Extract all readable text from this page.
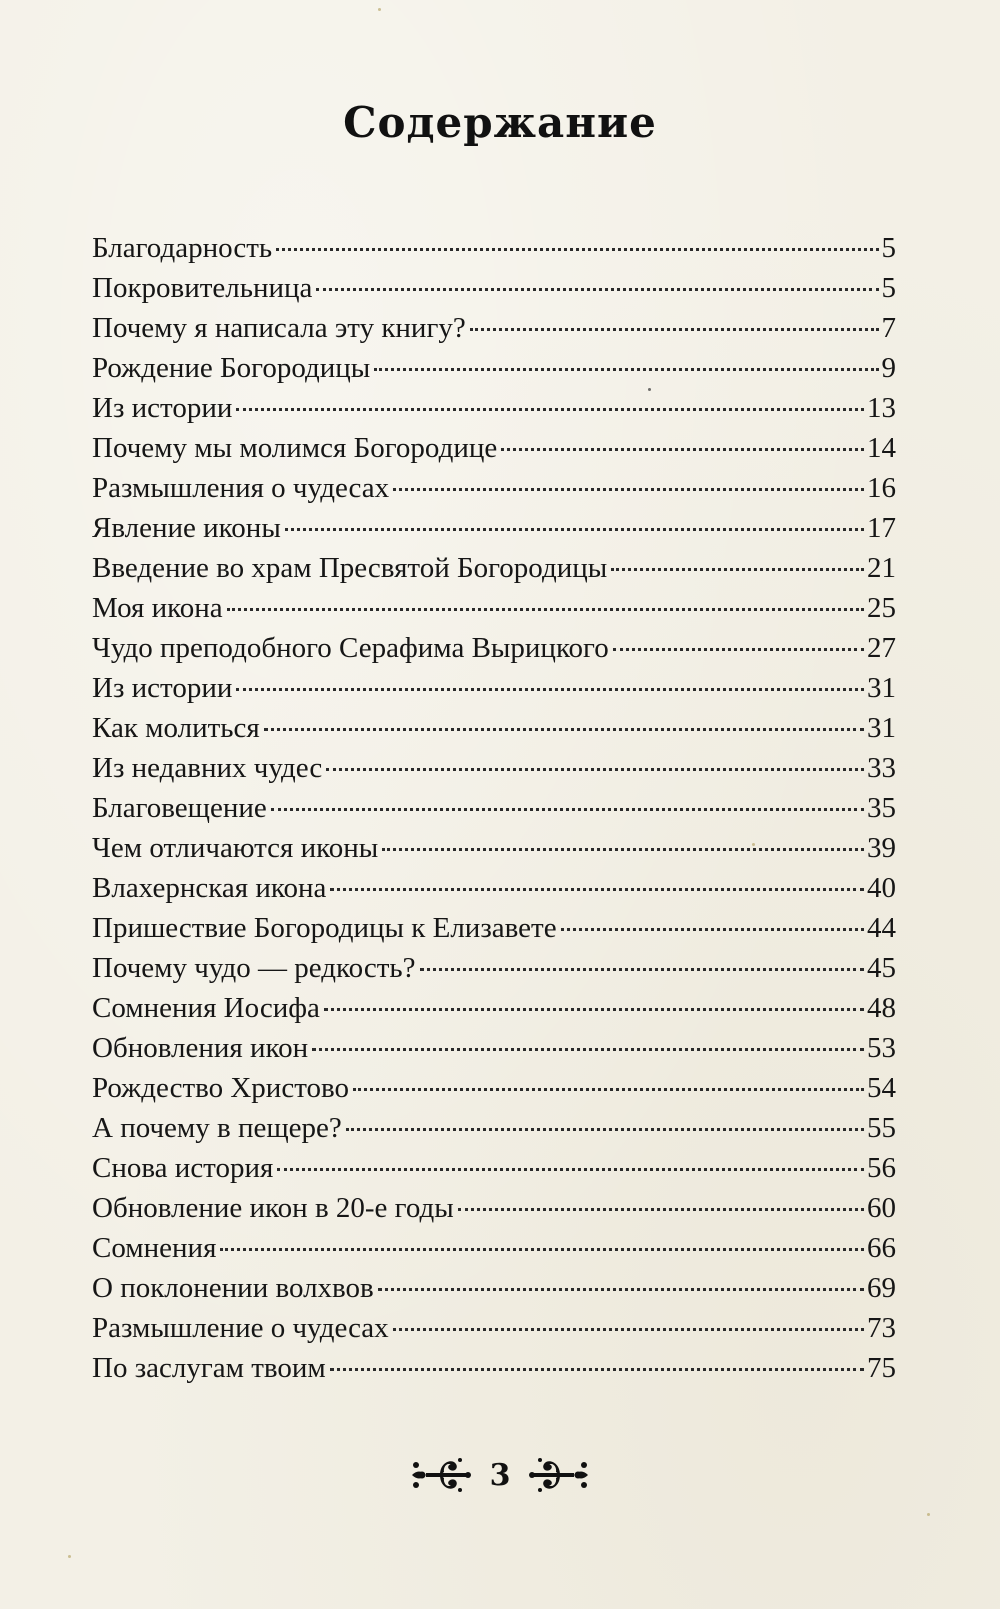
Содержание
Благодарность	5
Покровительница	5
Почему я написала эту книгу?	7
Рождение Богородицы	9
Из истории	13
Почему мы молимся Богородице	14
Размышления о чудесах	16
Явление иконы	17
Введение во храм Пресвятой Богородицы	21
Моя икона	25
Чудо преподобного Серафима Вырицкого	27
Из истории	31
Как молиться	31
Из недавних чудес	33
Благовещение	35
Чем отличаются иконы	39
Влахернская икона	40
Пришествие Богородицы к Елизавете	44
Почему чудо — редкость?	45
Сомнения Иосифа	48
Обновления икон	53
Рождество Христово	54
А почему в пещере?	55
Снова история	56
Обновление икон в 20-е годы	60
Сомнения	66
О поклонении волхвов	69
Размышление о чудесах	73
По заслугам твоим	75
3
